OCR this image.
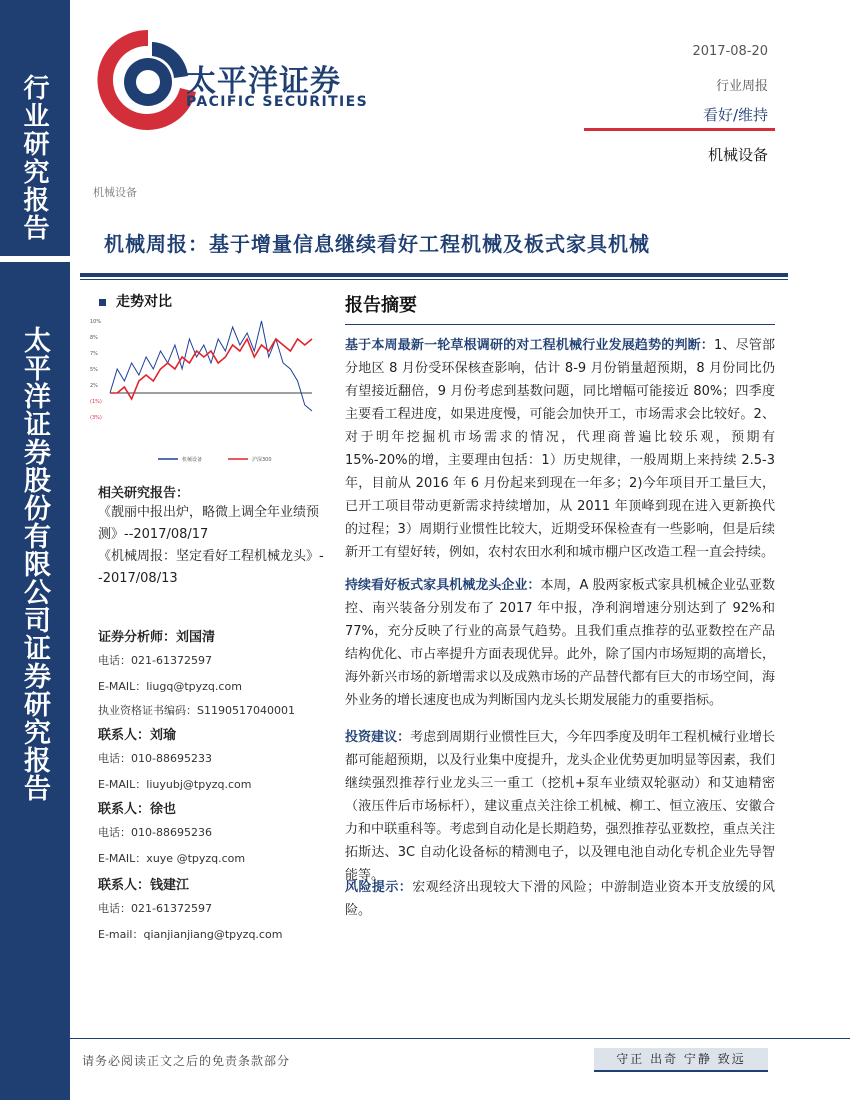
行业研究报告
太平洋证券股份有限公司证券研究报告
太平洋证券
PACIFIC SECURITIES
2017-08-20
行业周报
看好/维持
机械设备
机械设备
机械周报：基于增量信息继续看好工程机械及板式家具机械
走势对比
10%
8%
7%
5%
2%
(1%)
(3%)
机械设备	沪深300
相关研究报告：
《靓丽中报出炉，略微上调全年业绩预测》--2017/08/17
《机械周报：坚定看好工程机械龙头》--2017/08/13
证券分析师：刘国清
电话：021-61372597
E-MAIL：liugq@tpyzq.com
执业资格证书编码：S1190517040001
联系人：刘瑜
电话：010-88695233
E-MAIL：liuyubj@tpyzq.com
联系人：徐也
电话：010-88695236
E-MAIL：xuye @tpyzq.com
联系人：钱建江
电话：021-61372597
E-mail：qianjianjiang@tpyzq.com
报告摘要
基于本周最新一轮草根调研的对工程机械行业发展趋势的判断：1、尽管部分地区 8 月份受环保核查影响，估计 8-9 月份销量超预期，8 月份同比仍有望接近翻倍，9 月份考虑到基数问题，同比增幅可能接近 80%；四季度主要看工程进度，如果进度慢，可能会加快开工，市场需求会比较好。2、对于明年挖掘机市场需求的情况，代理商普遍比较乐观，预期有 15%-20%的增，主要理由包括：1）历史规律，一般周期上来持续 2.5-3 年，目前从 2016 年 6 月份起来到现在一年多；2)今年项目开工量巨大，已开工项目带动更新需求持续增加，从 2011 年顶峰到现在进入更新换代的过程；3）周期行业惯性比较大，近期受环保检查有一些影响，但是后续新开工有望好转，例如，农村农田水利和城市棚户区改造工程一直会持续。
持续看好板式家具机械龙头企业：本周，A 股两家板式家具机械企业弘亚数控、南兴装备分别发布了 2017 年中报，净利润增速分别达到了 92%和 77%，充分反映了行业的高景气趋势。且我们重点推荐的弘亚数控在产品结构优化、市占率提升方面表现优异。此外，除了国内市场短期的高增长，海外新兴市场的新增需求以及成熟市场的产品替代都有巨大的市场空间，海外业务的增长速度也成为判断国内龙头长期发展能力的重要指标。
投资建议：考虑到周期行业惯性巨大，今年四季度及明年工程机械行业增长都可能超预期，以及行业集中度提升，龙头企业优势更加明显等因素，我们继续强烈推荐行业龙头三一重工（挖机+泵车业绩双轮驱动）和艾迪精密（液压件后市场标杆），建议重点关注徐工机械、柳工、恒立液压、安徽合力和中联重科等。考虑到自动化是长期趋势，强烈推荐弘亚数控，重点关注拓斯达、3C 自动化设备标的精测电子，以及锂电池自动化专机企业先导智能等。
风险提示：宏观经济出现较大下滑的风险；中游制造业资本开支放缓的风险。
请务必阅读正文之后的免责条款部分	守正 出奇 宁静 致远
